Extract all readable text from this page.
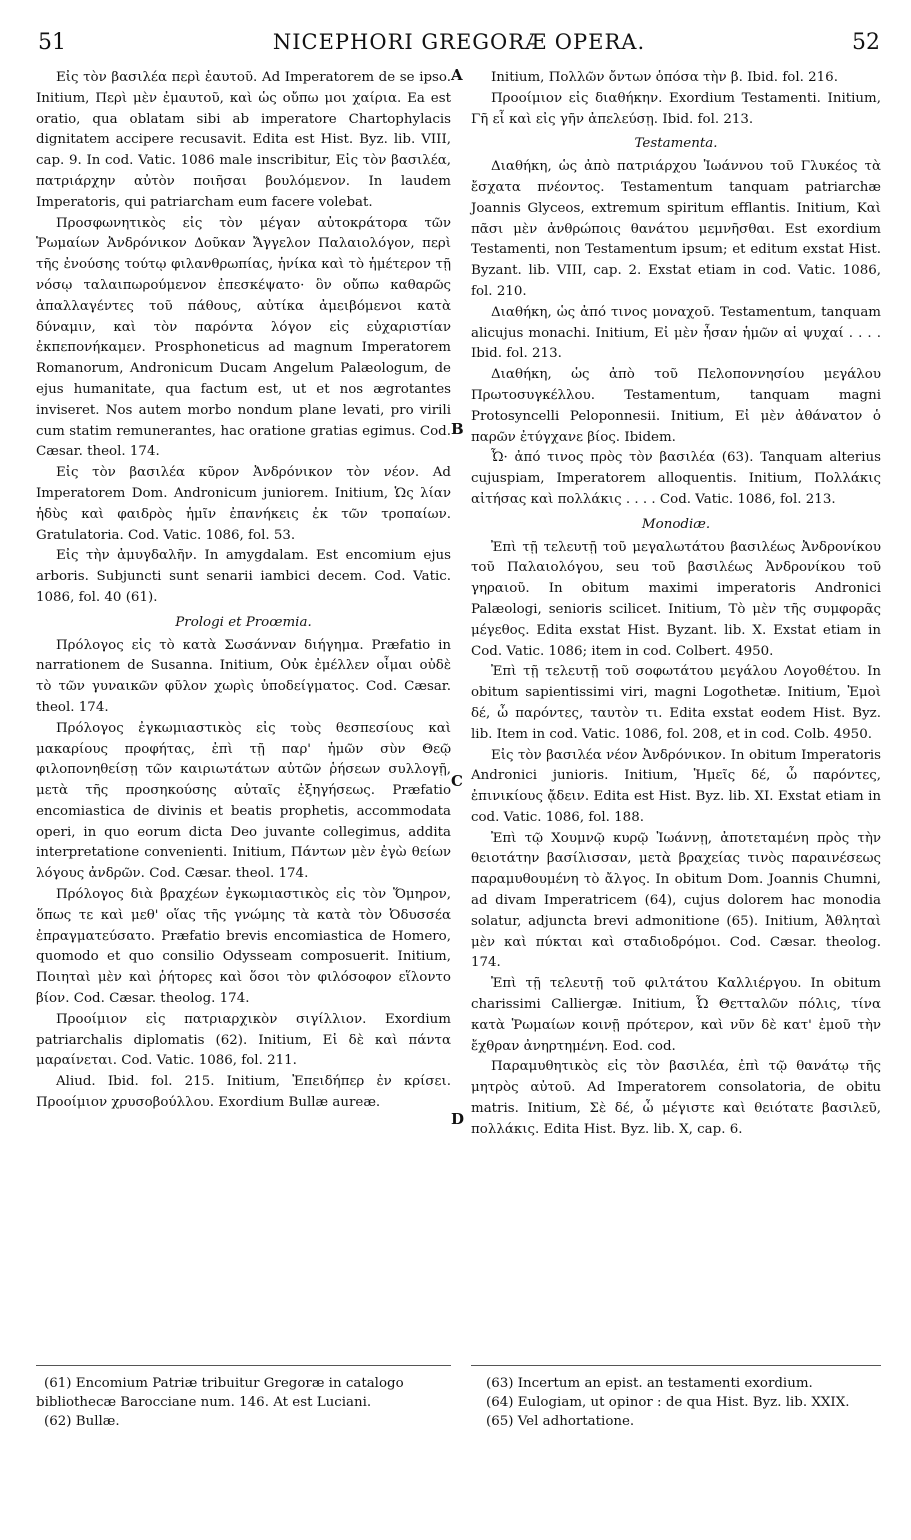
51	NICEPHORI GREGORÆ OPERA.	52
A
B
C
D

Εἰς τὸν βασιλέα περὶ ἑαυτοῦ. Ad Imperatorem de se ipso. Initium, Περὶ μὲν ἐμαυτοῦ, καὶ ὡς οὔπω μοι χαίρια. Ea est oratio, qua oblatam sibi ab imperatore Chartophylacis dignitatem accipere recusavit. Edita est Hist. Byz. lib. VIII, cap. 9. In cod. Vatic. 1086 male inscribitur, Εἰς τὸν βασιλέα, πατριάρχην αὐτὸν ποιῆσαι βουλόμενον. In laudem Imperatoris, qui patriarcham eum facere volebat.

Προσφωνητικὸς εἰς τὸν μέγαν αὐτοκράτορα τῶν Ῥωμαίων Ἀνδρόνικον Δοῦκαν Ἄγγελον Παλαιολόγον, περὶ τῆς ἐνούσης τούτῳ φιλανθρωπίας, ἡνίκα καὶ τὸ ἡμέτερον τῇ νόσῳ ταλαιπωρούμενον ἐπεσκέψατο· ὃν οὔπω καθαρῶς ἀπαλλαγέντες τοῦ πάθους, αὐτίκα ἀμειβόμενοι κατὰ δύναμιν, καὶ τὸν παρόντα λόγον εἰς εὐχαριστίαν ἐκπεπονήκαμεν. Prosphoneticus ad magnum Imperatorem Romanorum, Andronicum Ducam Angelum Palæologum, de ejus humanitate, qua factum est, ut et nos ægrotantes inviseret. Nos autem morbo nondum plane levati, pro virili cum statim remunerantes, hac oratione gratias egimus. Cod. Cæsar. theol. 174.

Εἰς τὸν βασιλέα κῦρον Ἀνδρόνικον τὸν νέον. Ad Imperatorem Dom. Andronicum juniorem. Initium, Ὡς λίαν ἡδὺς καὶ φαιδρὸς ἡμῖν ἐπανήκεις ἐκ τῶν τροπαίων. Gratulatoria. Cod. Vatic. 1086, fol. 53.

Εἰς τὴν ἀμυγδαλῆν. In amygdalam. Est encomium ejus arboris. Subjuncti sunt senarii iambici decem. Cod. Vatic. 1086, fol. 40 (61).

Prologi et Proœmia.

Πρόλογος εἰς τὸ κατὰ Σωσάνναν διήγημα. Præfatio in narrationem de Susanna. Initium, Οὐκ ἐμέλλεν οἶμαι οὐδὲ τὸ τῶν γυναικῶν φῦλον χωρὶς ὑποδείγματος. Cod. Cæsar. theol. 174.

Πρόλογος ἐγκωμιαστικὸς εἰς τοὺς θεσπεσίους καὶ μακαρίους προφήτας, ἐπὶ τῇ παρ' ἡμῶν σὺν Θεῷ φιλοπονηθείσῃ τῶν καιριωτάτων αὐτῶν ῥήσεων συλλογῇ, μετὰ τῆς προσηκούσης αὐταῖς ἐξηγήσεως. Præfatio encomiastica de divinis et beatis prophetis, accommodata operi, in quo eorum dicta Deo juvante collegimus, addita interpretatione convenienti. Initium, Πάντων μὲν ἐγὼ θείων λόγους ἀνδρῶν. Cod. Cæsar. theol. 174.

Πρόλογος διὰ βραχέων ἐγκωμιαστικὸς εἰς τὸν Ὅμηρον, ὅπως τε καὶ μεθ' οἵας τῆς γνώμης τὰ κατὰ τὸν Ὀδυσσέα ἐπραγματεύσατο. Præfatio brevis encomiastica de Homero, quomodo et quo consilio Odysseam composuerit. Initium, Ποιηταὶ μὲν καὶ ῥήτορες καὶ ὅσοι τὸν φιλόσοφον εἵλοντο βίον. Cod. Cæsar. theolog. 174.

Προοίμιον εἰς πατριαρχικὸν σιγίλλιον. Exordium patriarchalis diplomatis (62). Initium, Εἰ δὲ καὶ πάντα μαραίνεται. Cod. Vatic. 1086, fol. 211.

Aliud. Ibid. fol. 215. Initium, Ἐπειδήπερ ἐν κρίσει. Προοίμιον χρυσοβούλλου. Exordium Bullæ aureæ.

Initium, Πολλῶν ὄντων ὁπόσα τὴν β. Ibid. fol. 216.

Προοίμιον εἰς διαθήκην. Exordium Testamenti. Initium, Γῆ εἶ καὶ εἰς γῆν ἀπελεύσῃ. Ibid. fol. 213.

Testamenta.

Διαθήκη, ὡς ἀπὸ πατριάρχου Ἰωάννου τοῦ Γλυκέος τὰ ἔσχατα πνέοντος. Testamentum tanquam patriarchæ Joannis Glyceos, extremum spiritum efflantis. Initium, Καὶ πᾶσι μὲν ἀνθρώποις θανάτου μεμνῆσθαι. Est exordium Testamenti, non Testamentum ipsum; et editum exstat Hist. Byzant. lib. VIII, cap. 2. Exstat etiam in cod. Vatic. 1086, fol. 210.

Διαθήκη, ὡς ἀπό τινος μοναχοῦ. Testamentum, tanquam alicujus monachi. Initium, Εἰ μὲν ἦσαν ἡμῶν αἱ ψυχαί . . . . Ibid. fol. 213.

Διαθήκη, ὡς ἀπὸ τοῦ Πελοποννησίου μεγάλου Πρωτοσυγκέλλου. Testamentum, tanquam magni Protosyncelli Peloponnesii. Initium, Εἰ μὲν ἀθάνατον ὁ παρῶν ἐτύγχανε βίος. Ibidem.

Ὦ· ἀπό τινος πρὸς τὸν βασιλέα (63). Tanquam alterius cujuspiam, Imperatorem alloquentis. Initium, Πολλάκις αἰτήσας καὶ πολλάκις . . . . Cod. Vatic. 1086, fol. 213.

Monodiæ.

Ἐπὶ τῇ τελευτῇ τοῦ μεγαλωτάτου βασιλέως Ἀνδρονίκου τοῦ Παλαιολόγου, seu τοῦ βασιλέως Ἀνδρονίκου τοῦ γηραιοῦ. In obitum maximi imperatoris Andronici Palæologi, senioris scilicet. Initium, Τὸ μὲν τῆς συμφορᾶς μέγεθος. Edita exstat Hist. Byzant. lib. X. Exstat etiam in Cod. Vatic. 1086; item in cod. Colbert. 4950.

Ἐπὶ τῇ τελευτῇ τοῦ σοφωτάτου μεγάλου Λογοθέτου. In obitum sapientissimi viri, magni Logothetæ. Initium, Ἐμοὶ δέ, ὦ παρόντες, ταυτὸν τι. Edita exstat eodem Hist. Byz. lib. Item in cod. Vatic. 1086, fol. 208, et in cod. Colb. 4950.

Εἰς τὸν βασιλέα νέον Ἀνδρόνικον. In obitum Imperatoris Andronici junioris. Initium, Ἡμεῖς δέ, ὦ παρόντες, ἐπινικίους ᾄδειν. Edita est Hist. Byz. lib. XI. Exstat etiam in cod. Vatic. 1086, fol. 188.

Ἐπὶ τῷ Χουμνῷ κυρῷ Ἰωάννῃ, ἀποτεταμένη πρὸς τὴν θειοτάτην βασίλισσαν, μετὰ βραχείας τινὸς παραινέσεως παραμυθουμένη τὸ ἄλγος. In obitum Dom. Joannis Chumni, ad divam Imperatricem (64), cujus dolorem hac monodia solatur, adjuncta brevi admonitione (65). Initium, Ἀθληταὶ μὲν καὶ πύκται καὶ σταδιοδρόμοι. Cod. Cæsar. theolog. 174.

Ἐπὶ τῇ τελευτῇ τοῦ φιλτάτου Καλλιέργου. In obitum charissimi Calliergæ. Initium, Ὦ Θετταλῶν πόλις, τίνα κατὰ Ῥωμαίων κοινῇ πρότερον, καὶ νῦν δὲ κατ' ἐμοῦ τὴν ἔχθραν ἀνηρτημένη. Eod. cod.

Παραμυθητικὸς εἰς τὸν βασιλέα, ἐπὶ τῷ θανάτῳ τῆς μητρὸς αὐτοῦ. Ad Imperatorem consolatoria, de obitu matris. Initium, Σὲ δέ, ὦ μέγιστε καὶ θειότατε βασιλεῦ, πολλάκις. Edita Hist. Byz. lib. X, cap. 6.

(61) Encomium Patriæ tribuitur Gregoræ in catalogo bibliothecæ Barocciane num. 146. At est Luciani.

(62) Bullæ.

(63) Incertum an epist. an testamenti exordium.

(64) Eulogiam, ut opinor : de qua Hist. Byz. lib. XXIX.

(65) Vel adhortatione.
